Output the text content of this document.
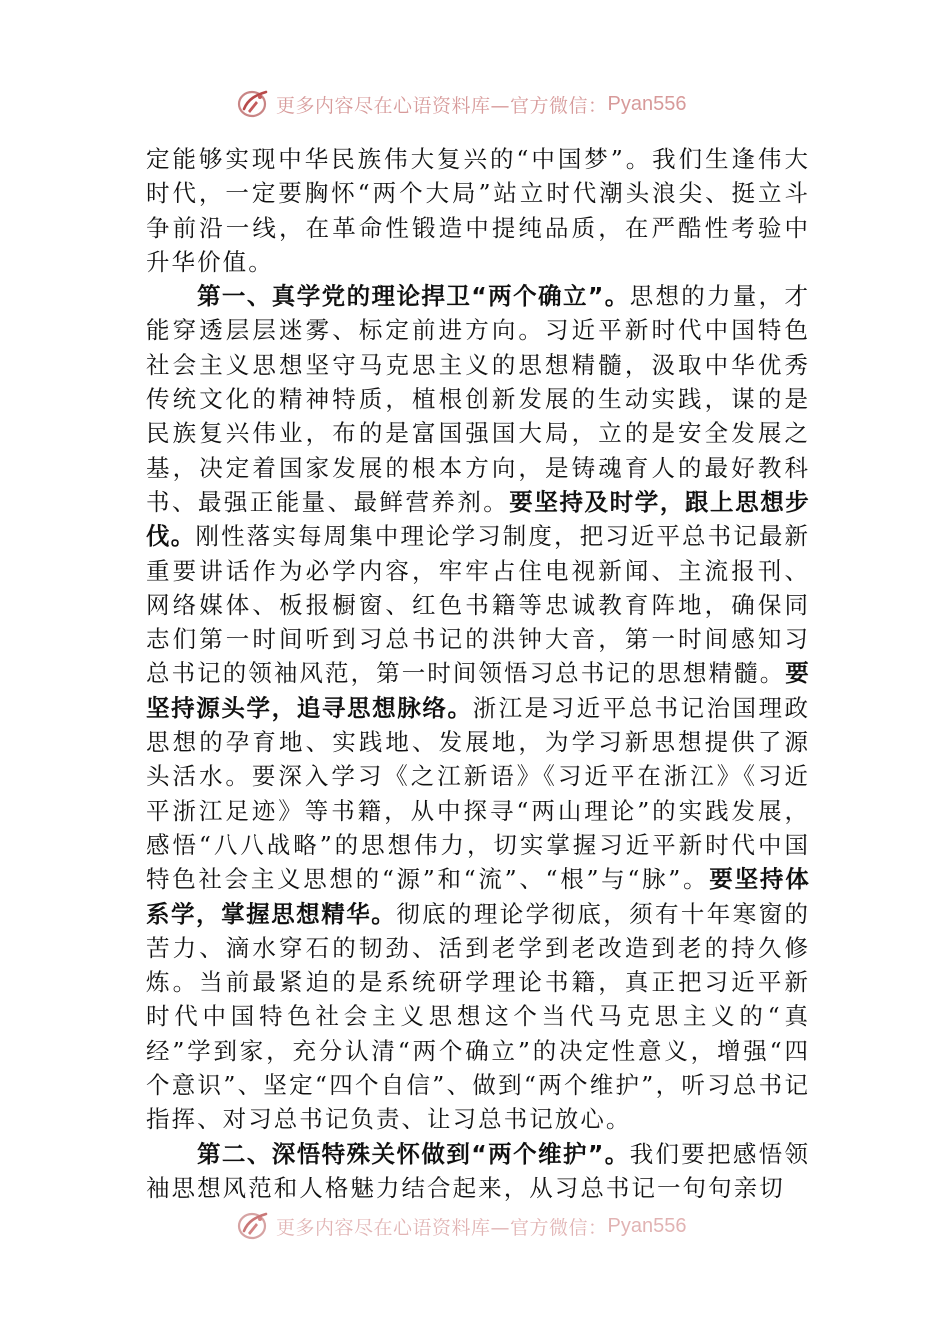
更多内容尽在心语资料库—官方微信： Pyan556

定能够实现中华民族伟大复兴的“中国梦”。我们生逢伟大时代，一定要胸怀“两个大局”站立时代潮头浪尖、挺立斗争前沿一线，在革命性锻造中提纯品质，在严酷性考验中升华价值。

第一、真学党的理论捍卫“两个确立”。思想的力量，才能穿透层层迷雾、标定前进方向。习近平新时代中国特色社会主义思想坚守马克思主义的思想精髓，汲取中华优秀传统文化的精神特质，植根创新发展的生动实践，谋的是民族复兴伟业，布的是富国强国大局，立的是安全发展之基，决定着国家发展的根本方向，是铸魂育人的最好教科书、最强正能量、最鲜营养剂。要坚持及时学，跟上思想步伐。刚性落实每周集中理论学习制度，把习近平总书记最新重要讲话作为必学内容，牢牢占住电视新闻、主流报刊、网络媒体、板报橱窗、红色书籍等忠诚教育阵地，确保同志们第一时间听到习总书记的洪钟大音，第一时间感知习总书记的领袖风范，第一时间领悟习总书记的思想精髓。要坚持源头学，追寻思想脉络。浙江是习近平总书记治国理政思想的孕育地、实践地、发展地，为学习新思想提供了源头活水。要深入学习《之江新语》《习近平在浙江》《习近平浙江足迹》等书籍，从中探寻“两山理论”的实践发展，感悟“八八战略”的思想伟力，切实掌握习近平新时代中国特色社会主义思想的“源”和“流”、“根”与“脉”。要坚持体系学，掌握思想精华。彻底的理论学彻底，须有十年寒窗的苦力、滴水穿石的韧劲、活到老学到老改造到老的持久修炼。当前最紧迫的是系统研学理论书籍，真正把习近平新时代中国特色社会主义思想这个当代马克思主义的“真经”学到家，充分认清“两个确立”的决定性意义，增强“四个意识”、坚定“四个自信”、做到“两个维护”，听习总书记指挥、对习总书记负责、让习总书记放心。

第二、深悟特殊关怀做到“两个维护”。我们要把感悟领袖思想风范和人格魅力结合起来，从习总书记一句句亲切

更多内容尽在心语资料库—官方微信： Pyan556
